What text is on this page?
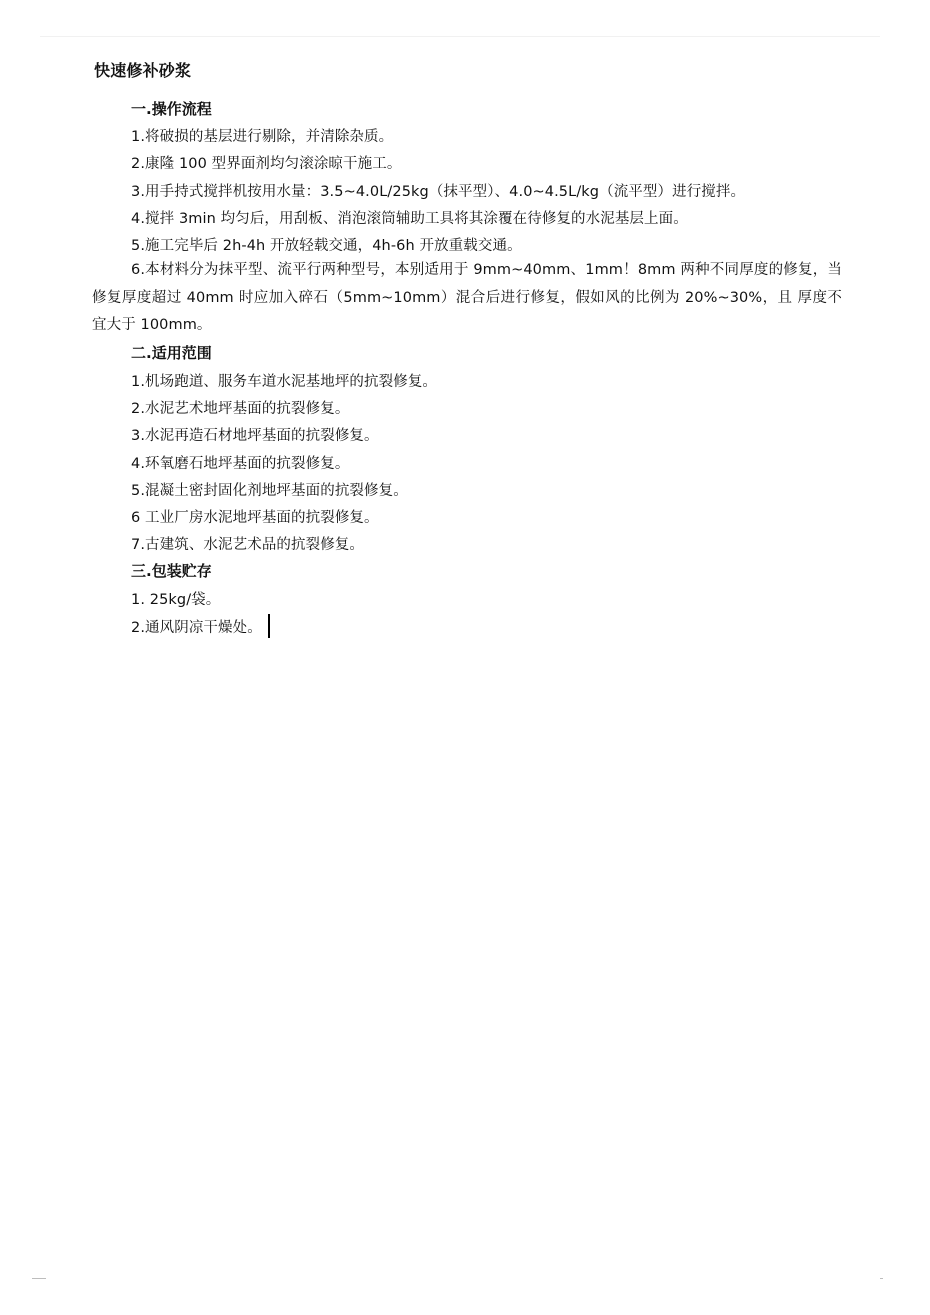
快速修补砂浆
一.操作流程
1.将破损的基层进行剔除，并清除杂质。
2.康隆 100 型界面剂均匀滚涂晾干施工。
3.用手持式搅拌机按用水量：3.5~4.0L/25kg（抹平型）、4.0~4.5L/kg（流平型）进行搅拌。
4.搅拌 3min 均匀后，用刮板、消泡滚筒辅助工具将其涂覆在待修复的水泥基层上面。
5.施工完毕后 2h-4h 开放轻载交通，4h-6h 开放重载交通。
6.本材料分为抹平型、流平行两种型号，本别适用于 9mm~40mm、1mm！8mm 两种不同厚度的修复，当修复厚度超过 40mm 时应加入碎石（5mm~10mm）混合后进行修复，假如风的比例为 20%~30%，且 厚度不宜大于 100mm。
二.适用范围
1.机场跑道、服务车道水泥基地坪的抗裂修复。
2.水泥艺术地坪基面的抗裂修复。
3.水泥再造石材地坪基面的抗裂修复。
4.环氧磨石地坪基面的抗裂修复。
5.混凝土密封固化剂地坪基面的抗裂修复。
6 工业厂房水泥地坪基面的抗裂修复。
7.古建筑、水泥艺术品的抗裂修复。
三.包装贮存
1. 25kg/袋。
2.通风阴凉干燥处。
